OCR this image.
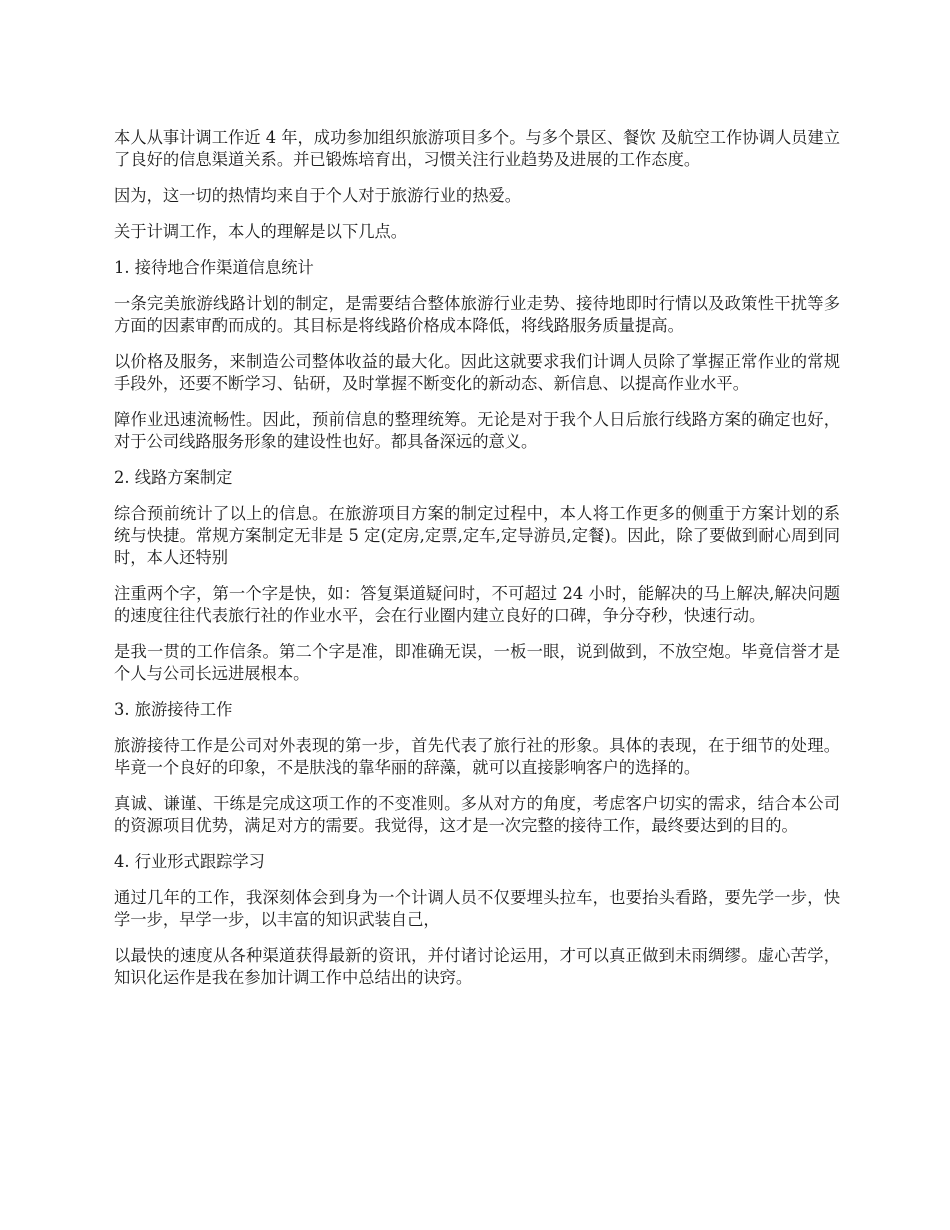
本人从事计调工作近 4 年，成功参加组织旅游项目多个。与多个景区、餐饮 及航空工作协调人员建立了良好的信息渠道关系。并已锻炼培育出，习惯关注行业趋势及进展的工作态度。

因为，这一切的热情均来自于个人对于旅游行业的热爱。

关于计调工作，本人的理解是以下几点。

1. 接待地合作渠道信息统计

一条完美旅游线路计划的制定，是需要结合整体旅游行业走势、接待地即时行情以及政策性干扰等多方面的因素审酌而成的。其目标是将线路价格成本降低，将线路服务质量提高。

以价格及服务，来制造公司整体收益的最大化。因此这就要求我们计调人员除了掌握正常作业的常规手段外，还要不断学习、钻研，及时掌握不断变化的新动态、新信息、以提高作业水平。

障作业迅速流畅性。因此，预前信息的整理统筹。无论是对于我个人日后旅行线路方案的确定也好，对于公司线路服务形象的建设性也好。都具备深远的意义。

2. 线路方案制定

综合预前统计了以上的信息。在旅游项目方案的制定过程中，本人将工作更多的侧重于方案计划的系统与快捷。常规方案制定无非是 5 定(定房,定票,定车,定导游员,定餐)。因此，除了要做到耐心周到同时，本人还特别

注重两个字，第一个字是快，如：答复渠道疑问时，不可超过 24 小时，能解决的马上解决,解决问题的速度往往代表旅行社的作业水平，会在行业圈内建立良好的口碑，争分夺秒，快速行动。

是我一贯的工作信条。第二个字是准，即准确无误，一板一眼，说到做到，不放空炮。毕竟信誉才是个人与公司长远进展根本。

3. 旅游接待工作

旅游接待工作是公司对外表现的第一步，首先代表了旅行社的形象。具体的表现，在于细节的处理。毕竟一个良好的印象，不是肤浅的靠华丽的辞藻，就可以直接影响客户的选择的。

真诚、谦谨、干练是完成这项工作的不变准则。多从对方的角度，考虑客户切实的需求，结合本公司的资源项目优势，满足对方的需要。我觉得，这才是一次完整的接待工作，最终要达到的目的。

4. 行业形式跟踪学习

通过几年的工作，我深刻体会到身为一个计调人员不仅要埋头拉车，也要抬头看路，要先学一步，快学一步，早学一步，以丰富的知识武装自己，

以最快的速度从各种渠道获得最新的资讯，并付诸讨论运用，才可以真正做到未雨绸缪。虚心苦学，知识化运作是我在参加计调工作中总结出的诀窍。
